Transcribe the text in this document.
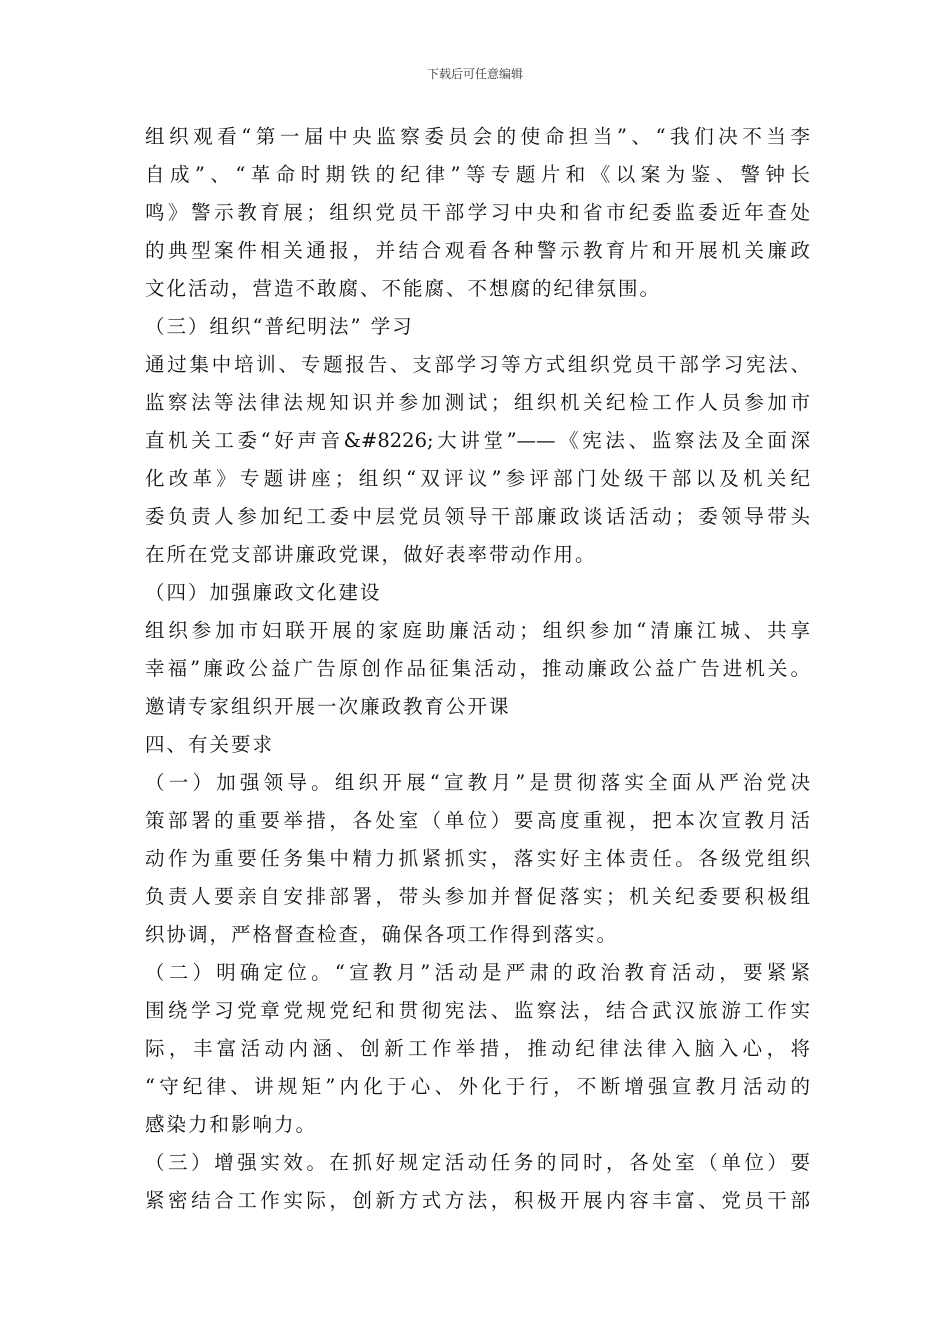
下载后可任意编辑
组织观看“第一届中央监察委员会的使命担当”、“我们决不当李
自成”、“革命时期铁的纪律”等专题片和《以案为鉴、警钟长
鸣》警示教育展；组织党员干部学习中央和省市纪委监委近年查处
的典型案件相关通报，并结合观看各种警示教育片和开展机关廉政
文化活动，营造不敢腐、不能腐、不想腐的纪律氛围。
（三）组织“普纪明法” 学习
通过集中培训、专题报告、支部学习等方式组织党员干部学习宪法、
监察法等法律法规知识并参加测试；组织机关纪检工作人员参加市
直机关工委“好声音&#8226;大讲堂”——《宪法、监察法及全面深
化改革》专题讲座；组织“双评议”参评部门处级干部以及机关纪
委负责人参加纪工委中层党员领导干部廉政谈话活动；委领导带头
在所在党支部讲廉政党课，做好表率带动作用。
（四）加强廉政文化建设
组织参加市妇联开展的家庭助廉活动；组织参加“清廉江城、共享
幸福”廉政公益广告原创作品征集活动，推动廉政公益广告进机关。
邀请专家组织开展一次廉政教育公开课
四、有关要求
（一）加强领导。组织开展“宣教月”是贯彻落实全面从严治党决
策部署的重要举措，各处室（单位）要高度重视，把本次宣教月活
动作为重要任务集中精力抓紧抓实，落实好主体责任。各级党组织
负责人要亲自安排部署，带头参加并督促落实；机关纪委要积极组
织协调，严格督查检查，确保各项工作得到落实。
（二）明确定位。“宣教月”活动是严肃的政治教育活动，要紧紧
围绕学习党章党规党纪和贯彻宪法、监察法，结合武汉旅游工作实
际，丰富活动内涵、创新工作举措，推动纪律法律入脑入心，将
“守纪律、讲规矩”内化于心、外化于行，不断增强宣教月活动的
感染力和影响力。
（三）增强实效。在抓好规定活动任务的同时，各处室（单位）要
紧密结合工作实际，创新方式方法，积极开展内容丰富、党员干部
